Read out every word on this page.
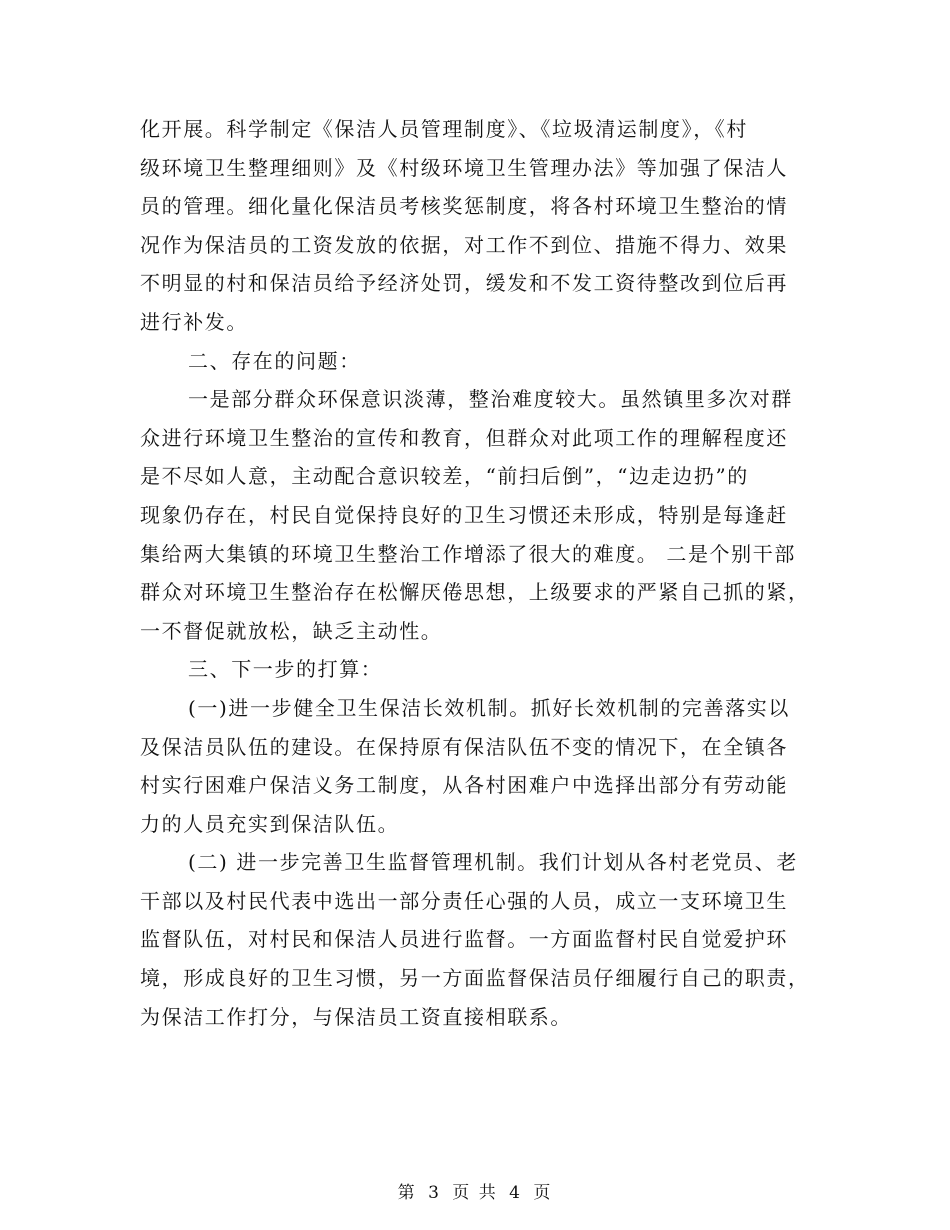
化开展。科学制定《保洁人员管理制度》、《垃圾清运制度》，《村
级环境卫生整理细则》及《村级环境卫生管理办法》等加强了保洁人
员的管理。细化量化保洁员考核奖惩制度，将各村环境卫生整治的情
况作为保洁员的工资发放的依据，对工作不到位、措施不得力、效果
不明显的村和保洁员给予经济处罚，缓发和不发工资待整改到位后再
进行补发。
二、存在的问题：
一是部分群众环保意识淡薄，整治难度较大。虽然镇里多次对群
众进行环境卫生整治的宣传和教育，但群众对此项工作的理解程度还
是不尽如人意，主动配合意识较差，“前扫后倒”，“边走边扔”的
现象仍存在，村民自觉保持良好的卫生习惯还未形成，特别是每逢赶
集给两大集镇的环境卫生整治工作增添了很大的难度。 二是个别干部
群众对环境卫生整治存在松懈厌倦思想，上级要求的严紧自己抓的紧，
一不督促就放松，缺乏主动性。
三、下一步的打算：
(一)进一步健全卫生保洁长效机制。抓好长效机制的完善落实以
及保洁员队伍的建设。在保持原有保洁队伍不变的情况下，在全镇各
村实行困难户保洁义务工制度，从各村困难户中选择出部分有劳动能
力的人员充实到保洁队伍。
(二) 进一步完善卫生监督管理机制。我们计划从各村老党员、老
干部以及村民代表中选出一部分责任心强的人员，成立一支环境卫生
监督队伍，对村民和保洁人员进行监督。一方面监督村民自觉爱护环
境，形成良好的卫生习惯，另一方面监督保洁员仔细履行自己的职责，
为保洁工作打分，与保洁员工资直接相联系。
第 3 页 共 4 页
